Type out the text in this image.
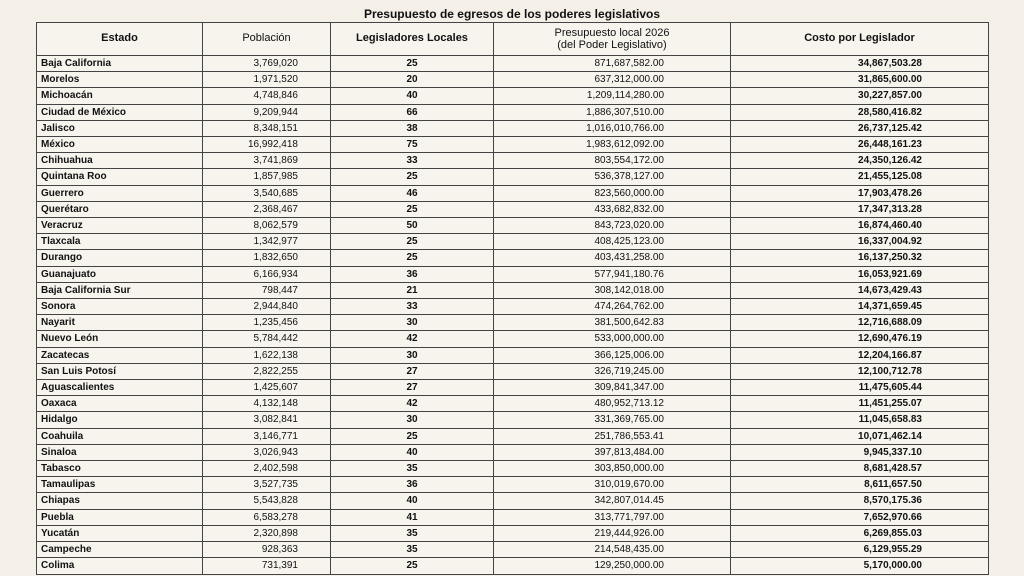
Presupuesto de egresos de los poderes legislativos
Estado	Población	Legisladores Locales	Presupuesto local 2026
(del Poder Legislativo)	Costo por Legislador
Baja California	3,769,020	25	871,687,582.00	34,867,503.28
Morelos	1,971,520	20	637,312,000.00	31,865,600.00
Michoacán	4,748,846	40	1,209,114,280.00	30,227,857.00
Ciudad de México	9,209,944	66	1,886,307,510.00	28,580,416.82
Jalisco	8,348,151	38	1,016,010,766.00	26,737,125.42
México	16,992,418	75	1,983,612,092.00	26,448,161.23
Chihuahua	3,741,869	33	803,554,172.00	24,350,126.42
Quintana Roo	1,857,985	25	536,378,127.00	21,455,125.08
Guerrero	3,540,685	46	823,560,000.00	17,903,478.26
Querétaro	2,368,467	25	433,682,832.00	17,347,313.28
Veracruz	8,062,579	50	843,723,020.00	16,874,460.40
Tlaxcala	1,342,977	25	408,425,123.00	16,337,004.92
Durango	1,832,650	25	403,431,258.00	16,137,250.32
Guanajuato	6,166,934	36	577,941,180.76	16,053,921.69
Baja California Sur	798,447	21	308,142,018.00	14,673,429.43
Sonora	2,944,840	33	474,264,762.00	14,371,659.45
Nayarit	1,235,456	30	381,500,642.83	12,716,688.09
Nuevo León	5,784,442	42	533,000,000.00	12,690,476.19
Zacatecas	1,622,138	30	366,125,006.00	12,204,166.87
San Luis Potosí	2,822,255	27	326,719,245.00	12,100,712.78
Aguascalientes	1,425,607	27	309,841,347.00	11,475,605.44
Oaxaca	4,132,148	42	480,952,713.12	11,451,255.07
Hidalgo	3,082,841	30	331,369,765.00	11,045,658.83
Coahuila	3,146,771	25	251,786,553.41	10,071,462.14
Sinaloa	3,026,943	40	397,813,484.00	9,945,337.10
Tabasco	2,402,598	35	303,850,000.00	8,681,428.57
Tamaulipas	3,527,735	36	310,019,670.00	8,611,657.50
Chiapas	5,543,828	40	342,807,014.45	8,570,175.36
Puebla	6,583,278	41	313,771,797.00	7,652,970.66
Yucatán	2,320,898	35	219,444,926.00	6,269,855.03
Campeche	928,363	35	214,548,435.00	6,129,955.29
Colima	731,391	25	129,250,000.00	5,170,000.00
